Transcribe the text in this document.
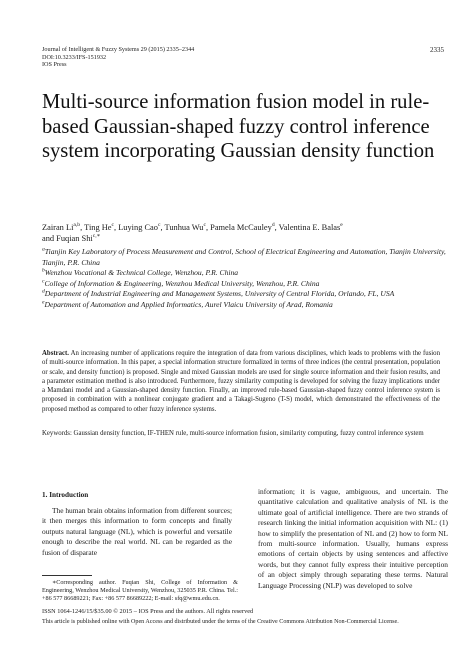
Journal of Intelligent & Fuzzy Systems 29 (2015) 2335–2344
DOI:10.3233/IFS-151932
IOS Press
2335
Multi-source information fusion model in rule-based Gaussian-shaped fuzzy control inference system incorporating Gaussian density function
Zairan Li$^{a,b}$, Ting He$^c$, Luying Cao$^c$, Tunhua Wu$^c$, Pamela McCauley$^d$, Valentina E. Balas$^e$
and Fuqian Shi$^{c,∗}$
$^a$Tianjin Key Laboratory of Process Measurement and Control, School of Electrical Engineering and Automation, Tianjin University, Tianjin, P.R. China
$^b$Wenzhou Vocational & Technical College, Wenzhou, P.R. China
$^c$College of Information & Engineering, Wenzhou Medical University, Wenzhou, P.R. China
$^d$Department of Industrial Engineering and Management Systems, University of Central Florida, Orlando, FL, USA
$^e$Department of Automation and Applied Informatics, Aurel Vlaicu University of Arad, Romania
Abstract. An increasing number of applications require the integration of data from various disciplines, which leads to problems with the fusion of multi-source information. In this paper, a special information structure formalized in terms of three indices (the central presentation, population or scale, and density function) is proposed. Single and mixed Gaussian models are used for single source information and their fusion results, and a parameter estimation method is also introduced. Furthermore, fuzzy similarity computing is developed for solving the fuzzy implications under a Mamdani model and a Gaussian-shaped density function. Finally, an improved rule-based Gaussian-shaped fuzzy control inference system is proposed in combination with a nonlinear conjugate gradient and a Takagi-Sugeno (T-S) model, which demonstrated the effectiveness of the proposed method as compared to other fuzzy inference systems.
Keywords: Gaussian density function, IF-THEN rule, multi-source information fusion, similarity computing, fuzzy control inference system
1. Introduction

The human brain obtains information from different sources; it then merges this information to form concepts and finally outputs natural language (NL), which is powerful and versatile enough to describe the real world. NL can be regarded as the fusion of disparate

information; it is vague, ambiguous, and uncertain. The quantitative calculation and qualitative analysis of NL is the ultimate goal of artificial intelligence. There are two strands of research linking the initial information acquisition with NL: (1) how to simplify the presentation of NL and (2) how to form NL from multi-source information. Usually, humans express emotions of certain objects by using sentences and affective words, but they cannot fully express their intuitive perception of an object simply through separating these terms. Natural Language Processing (NLP) was developed to solve

∗Corresponding author. Fuqian Shi, College of Information & Engineering, Wenzhou Medical University, Wenzhou, 325035 P.R. China. Tel.: +86 577 86689221; Fax: +86 577 86689222; E-mail: sfq@wmu.edu.cn.
ISSN 1064-1246/15/$35.00 © 2015 – IOS Press and the authors. All rights reserved
This article is published online with Open Access and distributed under the terms of the Creative Commons Attribution Non-Commercial License.
